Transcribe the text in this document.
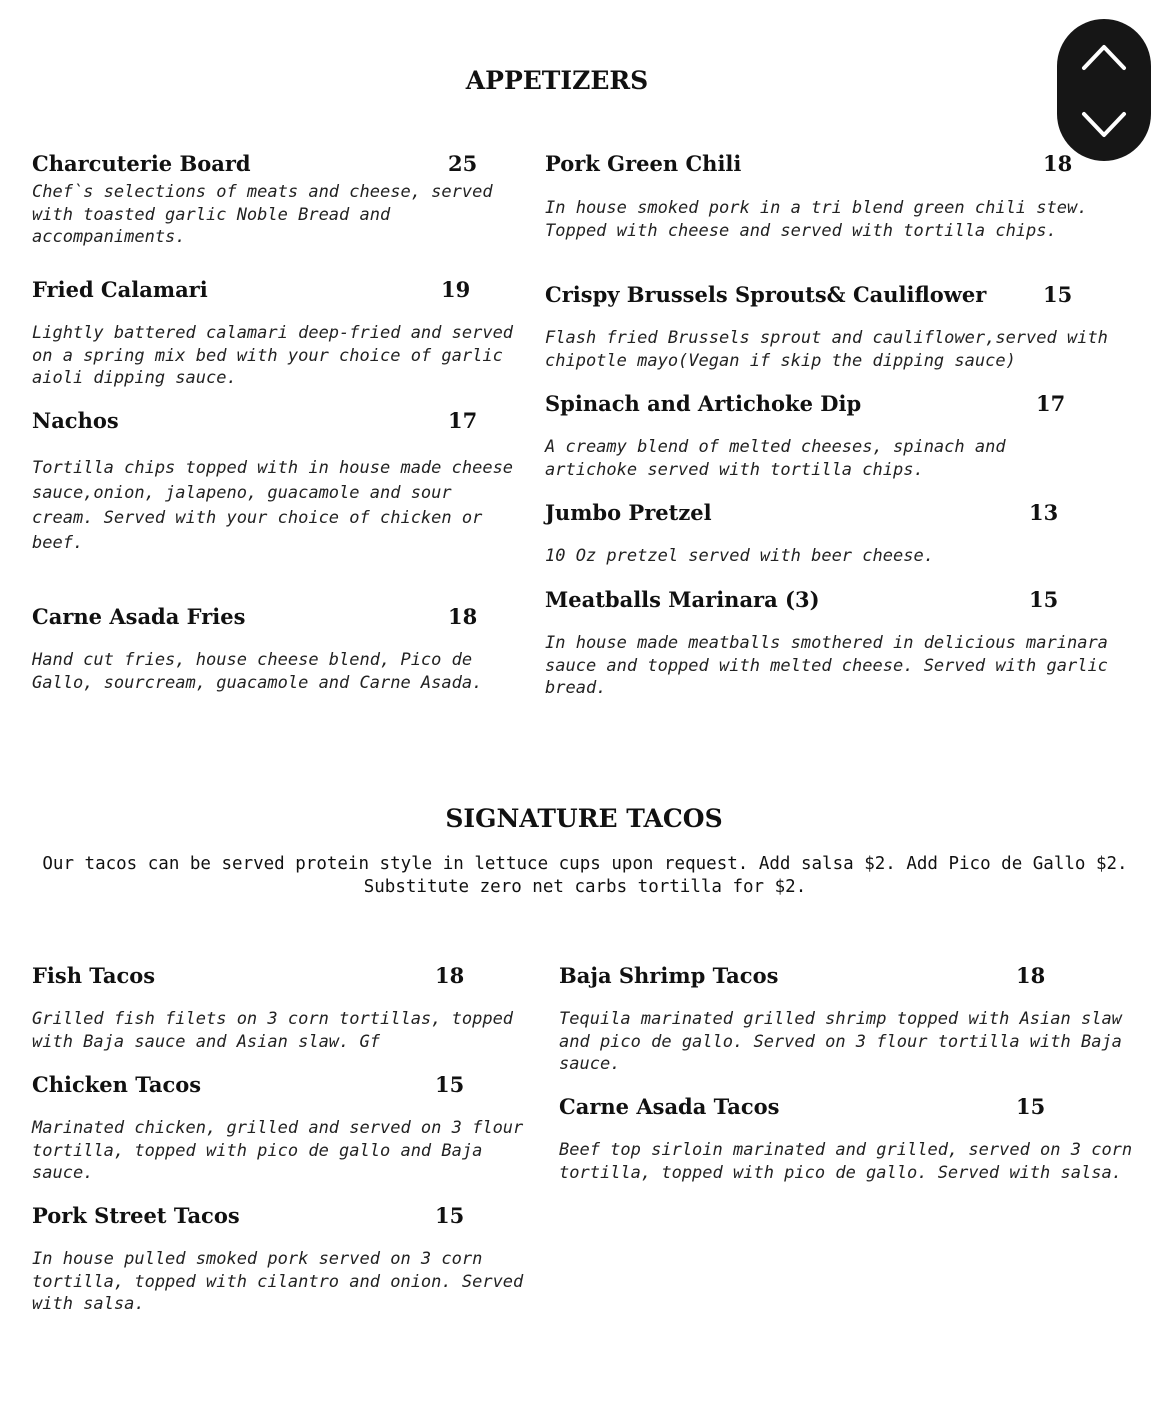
APPETIZERS
Charcuterie Board	25

Chef`s selections of meats and cheese, served with toasted garlic Noble Bread and accompaniments.

Fried Calamari	19

Lightly battered calamari deep-fried and served on a spring mix bed with your choice of garlic aioli dipping sauce.

Nachos	17

Tortilla chips topped with in house made cheese sauce,onion, jalapeno, guacamole and sour cream. Served with your choice of chicken or beef.

Carne Asada Fries	18

Hand cut fries, house cheese blend, Pico de Gallo, sourcream, guacamole and Carne Asada.

Pork Green Chili	18

In house smoked pork in a tri blend green chili stew. Topped with cheese and served with tortilla chips.

Crispy Brussels Sprouts& Cauliflower	15

Flash fried Brussels sprout and cauliflower,served with chipotle mayo(Vegan if skip the dipping sauce)

Spinach and Artichoke Dip	17

A creamy blend of melted cheeses, spinach and artichoke served with tortilla chips.

Jumbo Pretzel	13

10 Oz pretzel served with beer cheese.

Meatballs Marinara (3)	15

In house made meatballs smothered in delicious marinara sauce and topped with melted cheese. Served with garlic bread.

SIGNATURE TACOS

Our tacos can be served protein style in lettuce cups upon request. Add salsa $2. Add Pico de Gallo $2. Substitute zero net carbs tortilla for $2.

Fish Tacos	18

Grilled fish filets on 3 corn tortillas, topped with Baja sauce and Asian slaw. Gf

Chicken Tacos	15

Marinated chicken, grilled and served on 3 flour tortilla, topped with pico de gallo and Baja sauce.

Pork Street Tacos	15

In house pulled smoked pork served on 3 corn tortilla, topped with cilantro and onion. Served with salsa.

Baja Shrimp Tacos	18

Tequila marinated grilled shrimp topped with Asian slaw and pico de gallo. Served on 3 flour tortilla with Baja sauce.

Carne Asada Tacos	15

Beef top sirloin marinated and grilled, served on 3 corn tortilla, topped with pico de gallo. Served with salsa.
